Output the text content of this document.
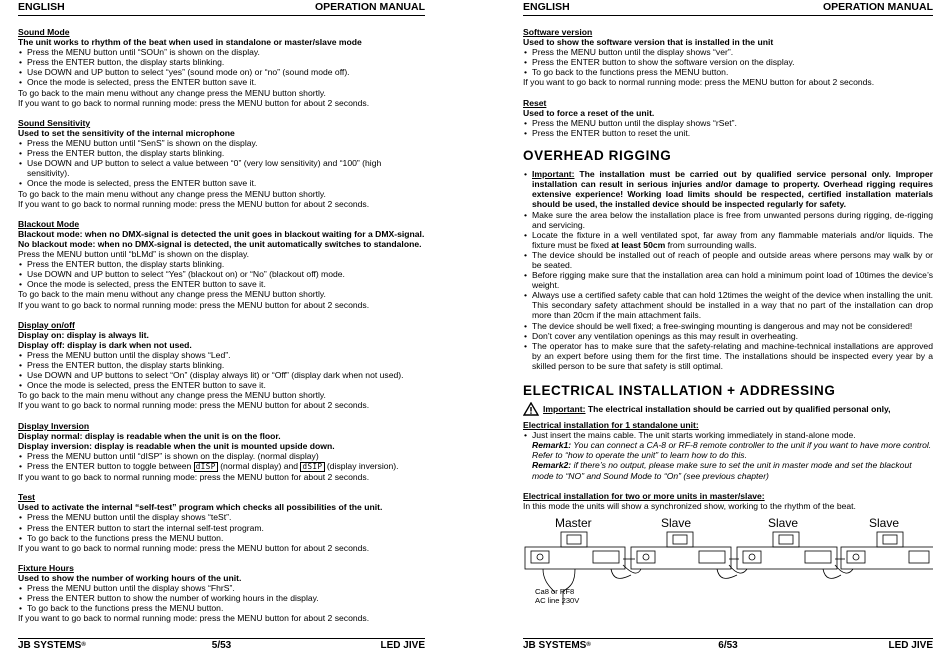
ENGLISH	OPERATION MANUAL
Sound Mode
The unit works to rhythm of the beat when used in standalone or master/slave mode
• Press the MENU button until “SOUn” is shown on the display.
• Press the ENTER button, the display starts blinking.
• Use DOWN and UP button to select “yes” (sound mode on) or “no” (sound mode off).
• Once the mode is selected, press the ENTER button save it.
To go back to the main menu without any change press the MENU button shortly.
If you want to go back to normal running mode: press the MENU button for about 2 seconds.
Sound Sensitivity
Used to set the sensitivity of the internal microphone
• Press the MENU button until “SenS” is shown on the display.
• Press the ENTER button, the display starts blinking.
• Use DOWN and UP button to select a value between “0” (very low sensitivity) and “100” (high sensitivity).
• Once the mode is selected, press the ENTER button save it.
To go back to the main menu without any change press the MENU button shortly.
If you want to go back to normal running mode: press the MENU button for about 2 seconds.
Blackout Mode
Blackout mode: when no DMX-signal is detected the unit goes in blackout waiting for a DMX-signal.
No blackout mode: when no DMX-signal is detected, the unit automatically switches to standalone.
Press the MENU button until “bLMd” is shown on the display.
• Press the ENTER button, the display starts blinking.
• Use DOWN and UP button to select “Yes” (blackout on) or “No” (blackout off) mode.
• Once the mode is selected, press the ENTER button to save it.
To go back to the main menu without any change press the MENU button shortly.
If you want to go back to normal running mode: press the MENU button for about 2 seconds.
Display on/off
Display on: display is always lit.
Display off: display is dark when not used.
• Press the MENU button until the display shows “Led”.
• Press the ENTER button, the display starts blinking.
• Use DOWN and UP buttons to select “On” (display always lit) or “Off” (display dark when not used).
• Once the mode is selected, press the ENTER button to save it.
To go back to the main menu without any change press the MENU button shortly.
If you want to go back to normal running mode: press the MENU button for about 2 seconds.
Display Inversion
Display normal: display is readable when the unit is on the floor.
Display inversion: display is readable when the unit is mounted upside down.
• Press the MENU button until “dISP” is shown on the display. (normal display)
• Press the ENTER button to toggle between dISP (normal display) and dSIP (display inversion).
If you want to go back to normal running mode: press the MENU button for about 2 seconds.
Test
Used to activate the internal “self-test” program which checks all possibilities of the unit.
• Press the MENU button until the display shows “teSt”.
• Press the ENTER button to start the internal self-test program.
• To go back to the functions press the MENU button.
If you want to go back to normal running mode: press the MENU button for about 2 seconds.
Fixture Hours
Used to show the number of working hours of the unit.
• Press the MENU button until the display shows “FhrS”.
• Press the ENTER button to show the number of working hours in the display.
• To go back to the functions press the MENU button.
If you want to go back to normal running mode: press the MENU button for about 2 seconds.
JB SYSTEMS®	5/53	LED JIVE
ENGLISH	OPERATION MANUAL
Software version
Used to show the software version that is installed in the unit
• Press the MENU button until the display shows “ver”.
• Press the ENTER button to show the software version on the display.
• To go back to the functions press the MENU button.
If you want to go back to normal running mode: press the MENU button for about 2 seconds.
Reset
Used to force a reset of the unit.
• Press the MENU button until the display shows “rSet”.
• Press the ENTER button to reset the unit.
OVERHEAD RIGGING
• Important: The installation must be carried out by qualified service personal only. Improper installation can result in serious injuries and/or damage to property. Overhead rigging requires extensive experience! Working load limits should be respected, certified installation materials should be used, the installed device should be inspected regularly for safety.
• Make sure the area below the installation place is free from unwanted persons during rigging, de-rigging and servicing.
• Locate the fixture in a well ventilated spot, far away from any flammable materials and/or liquids. The fixture must be fixed at least 50cm from surrounding walls.
• The device should be installed out of reach of people and outside areas where persons may walk by or be seated.
• Before rigging make sure that the installation area can hold a minimum point load of 10times the device’s weight.
• Always use a certified safety cable that can hold 12times the weight of the device when installing the unit. This secondary safety attachment should be installed in a way that no part of the installation can drop more than 20cm if the main attachment fails.
• The device should be well fixed; a free-swinging mounting is dangerous and may not be considered!
• Don’t cover any ventilation openings as this may result in overheating.
• The operator has to make sure that the safety-relating and machine-technical installations are approved by an expert before using them for the first time. The installations should be inspected every year by a skilled person to be sure that safety is still optimal.
ELECTRICAL INSTALLATION + ADDRESSING
Important: The electrical installation should be carried out by qualified personal only,
Electrical installation for 1 standalone unit:
• Just insert the mains cable. The unit starts working immediately in stand-alone mode.
Remark1: You can connect a CA-8 or RF-8 remote controller to the unit if you want to have more control. Refer to “how to operate the unit” to learn how to do this.
Remark2: if there’s no output, please make sure to set the unit in master mode and set the blackout mode to “NO” and Sound Mode to “On” (see previous chapter)
Electrical installation for two or more units in master/slave:
In this mode the units will show a synchronized show, working to the rhythm of the beat.
Master	Slave	Slave	Slave
Ca8 or RF8
AC line 230V
JB SYSTEMS®	6/53	LED JIVE
